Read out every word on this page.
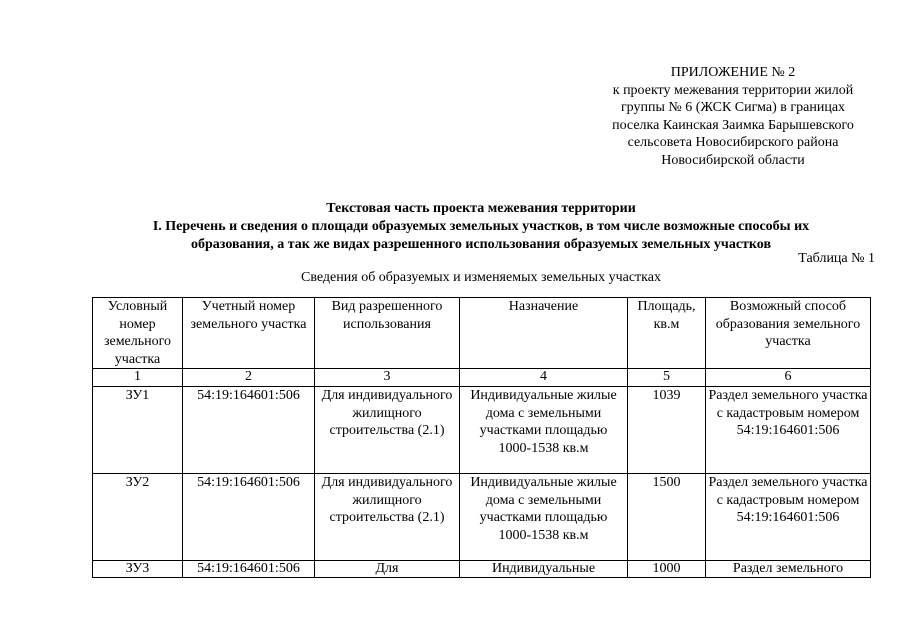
ПРИЛОЖЕНИЕ № 2
к проекту межевания территории жилой
группы № 6 (ЖСК Сигма) в границах
поселка Каинская Заимка Барышевского
сельсовета Новосибирского района
Новосибирской области
Текстовая часть проекта межевания территории
I. Перечень и сведения о площади образуемых земельных участков, в том числе возможные способы их
образования, а так же видах разрешенного использования образуемых земельных участков
Таблица № 1
Сведения об образуемых и изменяемых земельных участках
Условный номер земельного участка	Учетный номер земельного участка	Вид разрешенного использования	Назначение	Площадь, кв.м	Возможный способ образования земельного участка
1	2	3	4	5	6
ЗУ1	54:19:164601:506	Для индивидуального жилищного строительства (2.1)	Индивидуальные жилые дома с земельными участками площадью 1000-1538 кв.м	1039	Раздел земельного участка с кадастровым номером 54:19:164601:506
ЗУ2	54:19:164601:506	Для индивидуального жилищного строительства (2.1)	Индивидуальные жилые дома с земельными участками площадью 1000-1538 кв.м	1500	Раздел земельного участка с кадастровым номером 54:19:164601:506
ЗУ3	54:19:164601:506	Для	Индивидуальные	1000	Раздел земельного
